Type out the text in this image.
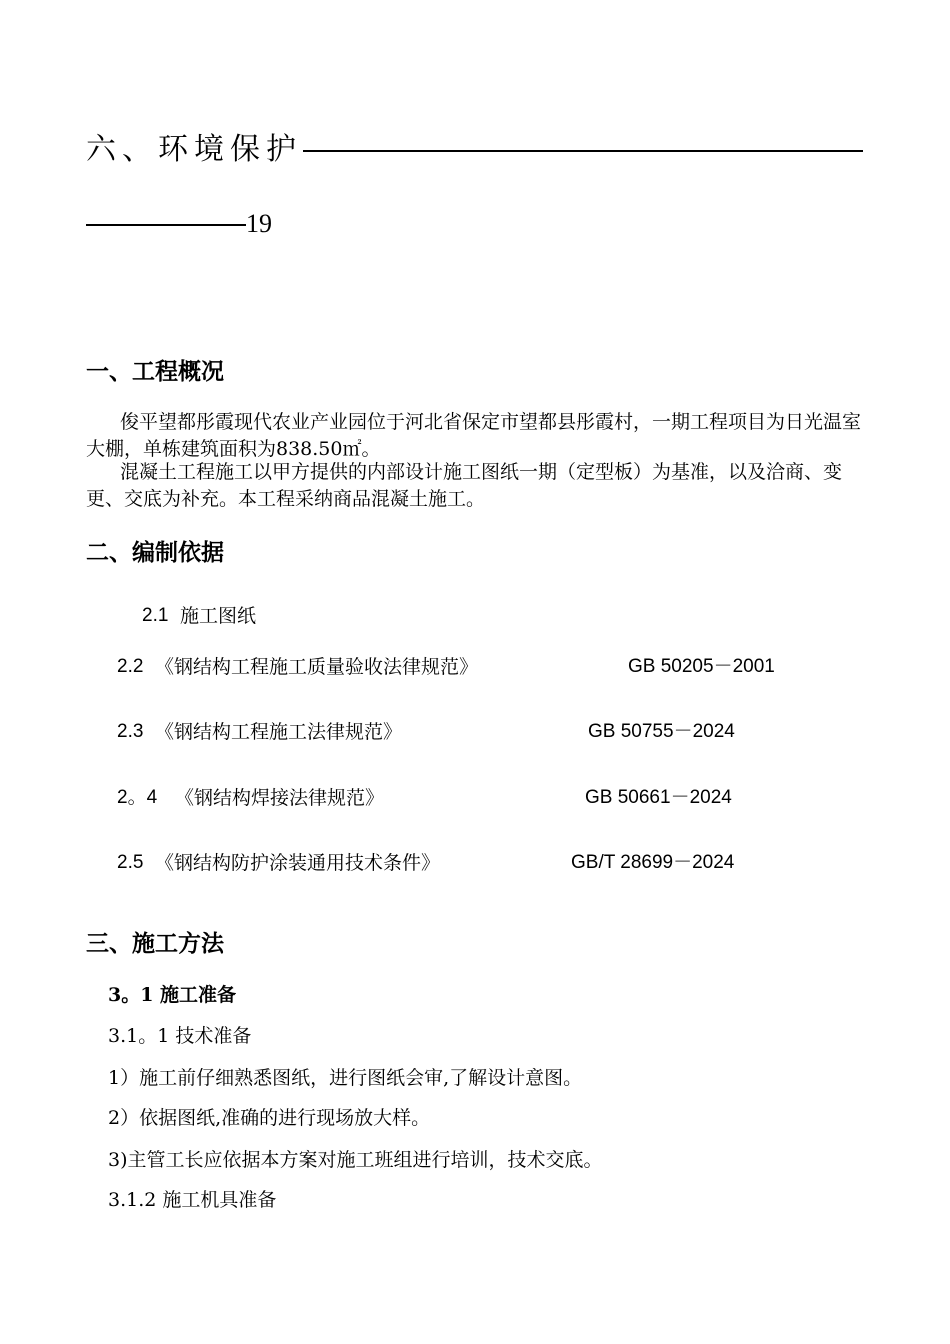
六、环境保护——
19
一、工程概况
俊平望都彤霞现代农业产业园位于河北省保定市望都县彤霞村，一期工程项目为日光温室大棚，单栋建筑面积为838.50㎡。
混凝土工程施工以甲方提供的内部设计施工图纸一期（定型板）为基准，以及洽商、变更、交底为补充。本工程采纳商品混凝土施工。
二、编制依据
2.1 施工图纸
2.2 《钢结构工程施工质量验收法律规范》	GB 50205－2001
2.3 《钢结构工程施工法律规范》	GB 50755－2024
2。4 《钢结构焊接法律规范》	GB 50661－2024
2.5 《钢结构防护涂装通用技术条件》	GB/T 28699－2024
三、施工方法
3。1 施工准备
3.1。1 技术准备
1）施工前仔细熟悉图纸，进行图纸会审,了解设计意图。
2）依据图纸,准确的进行现场放大样。
3)主管工长应依据本方案对施工班组进行培训，技术交底。
3.1.2 施工机具准备
